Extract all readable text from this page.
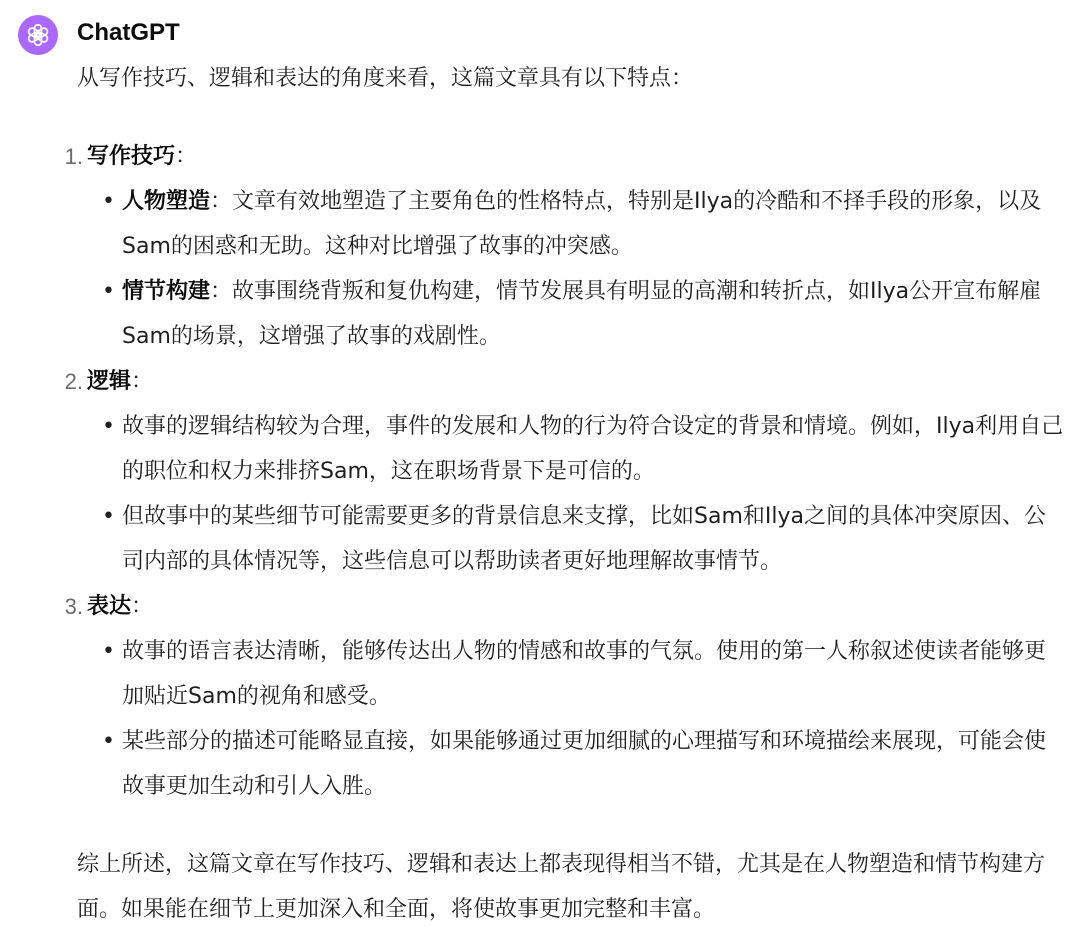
ChatGPT

从写作技巧、逻辑和表达的角度来看，这篇文章具有以下特点：

1. 写作技巧：
• 人物塑造：文章有效地塑造了主要角色的性格特点，特别是Ilya的冷酷和不择手段的形象，以及Sam的困惑和无助。这种对比增强了故事的冲突感。
• 情节构建：故事围绕背叛和复仇构建，情节发展具有明显的高潮和转折点，如Ilya公开宣布解雇Sam的场景，这增强了故事的戏剧性。
2. 逻辑：
• 故事的逻辑结构较为合理，事件的发展和人物的行为符合设定的背景和情境。例如，Ilya利用自己的职位和权力来排挤Sam，这在职场背景下是可信的。
• 但故事中的某些细节可能需要更多的背景信息来支撑，比如Sam和Ilya之间的具体冲突原因、公司内部的具体情况等，这些信息可以帮助读者更好地理解故事情节。
3. 表达：
• 故事的语言表达清晰，能够传达出人物的情感和故事的气氛。使用的第一人称叙述使读者能够更加贴近Sam的视角和感受。
• 某些部分的描述可能略显直接，如果能够通过更加细腻的心理描写和环境描绘来展现，可能会使故事更加生动和引人入胜。

综上所述，这篇文章在写作技巧、逻辑和表达上都表现得相当不错，尤其是在人物塑造和情节构建方面。如果能在细节上更加深入和全面，将使故事更加完整和丰富。
